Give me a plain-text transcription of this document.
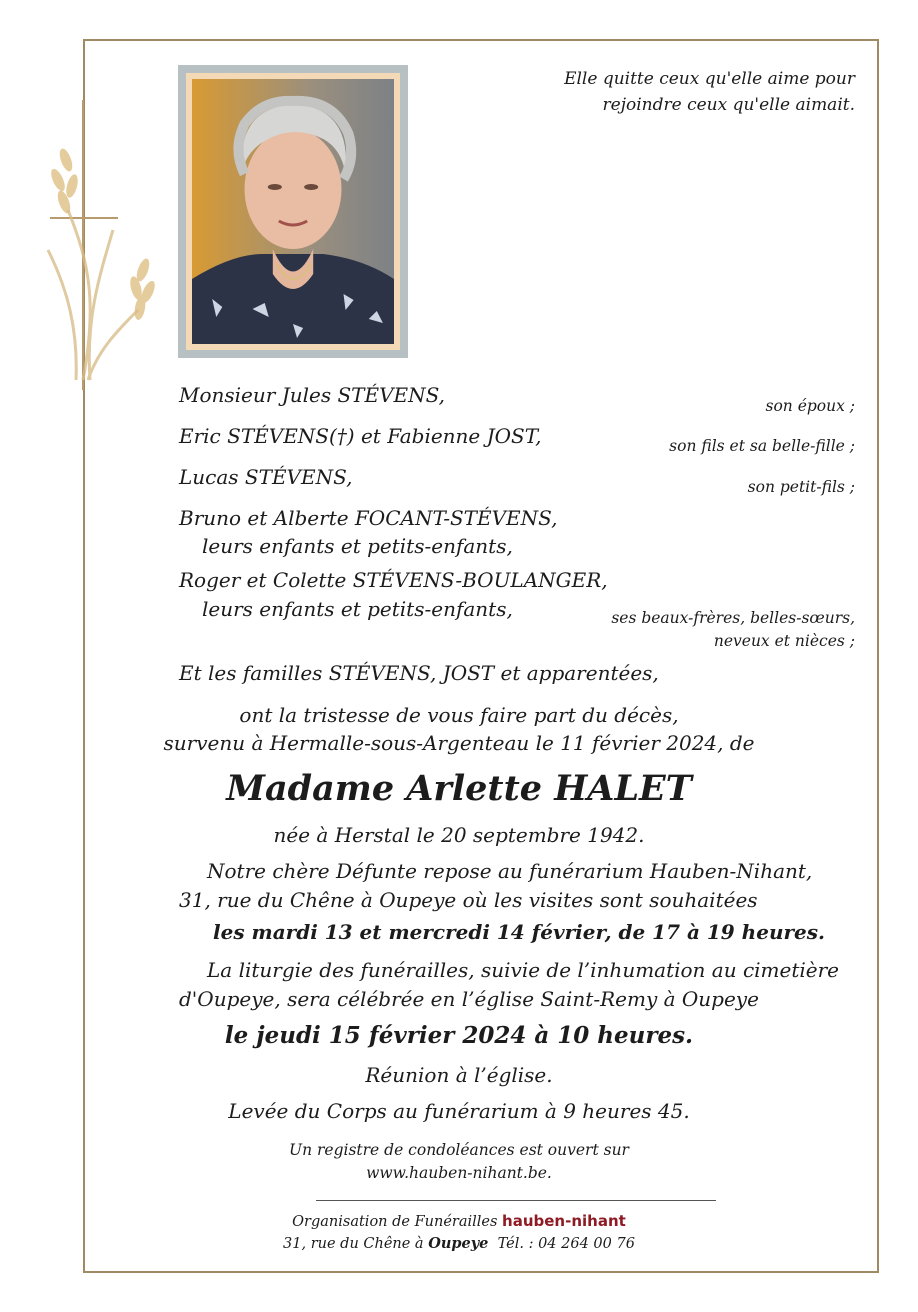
Elle quitte ceux qu'elle aime pour
rejoindre ceux qu'elle aimait.
Monsieur Jules STÉVENS,	son époux ;
Eric STÉVENS(†) et Fabienne JOST,	son fils et sa belle-fille ;
Lucas STÉVENS,	son petit-fils ;
Bruno et Alberte FOCANT-STÉVENS,
leurs enfants et petits-enfants,
Roger et Colette STÉVENS-BOULANGER,
leurs enfants et petits-enfants,	ses beaux-frères, belles-sœurs,
neveux et nièces ;
Et les familles STÉVENS, JOST et apparentées,
ont la tristesse de vous faire part du décès,
survenu à Hermalle-sous-Argenteau le 11 février 2024, de
Madame Arlette HALET
née à Herstal le 20 septembre 1942.
Notre chère Défunte repose au funérarium Hauben-Nihant,
31, rue du Chêne à Oupeye où les visites sont souhaitées
les mardi 13 et mercredi 14 février, de 17 à 19 heures.
La liturgie des funérailles, suivie de l’inhumation au cimetière
d'Oupeye, sera célébrée en l’église Saint-Remy à Oupeye
le jeudi 15 février 2024 à 10 heures.
Réunion à l’église.
Levée du Corps au funérarium à 9 heures 45.
Un registre de condoléances est ouvert sur
www.hauben-nihant.be.
Organisation de Funérailles hauben-nihant
31, rue du Chêne à Oupeye Tél. : 04 264 00 76
